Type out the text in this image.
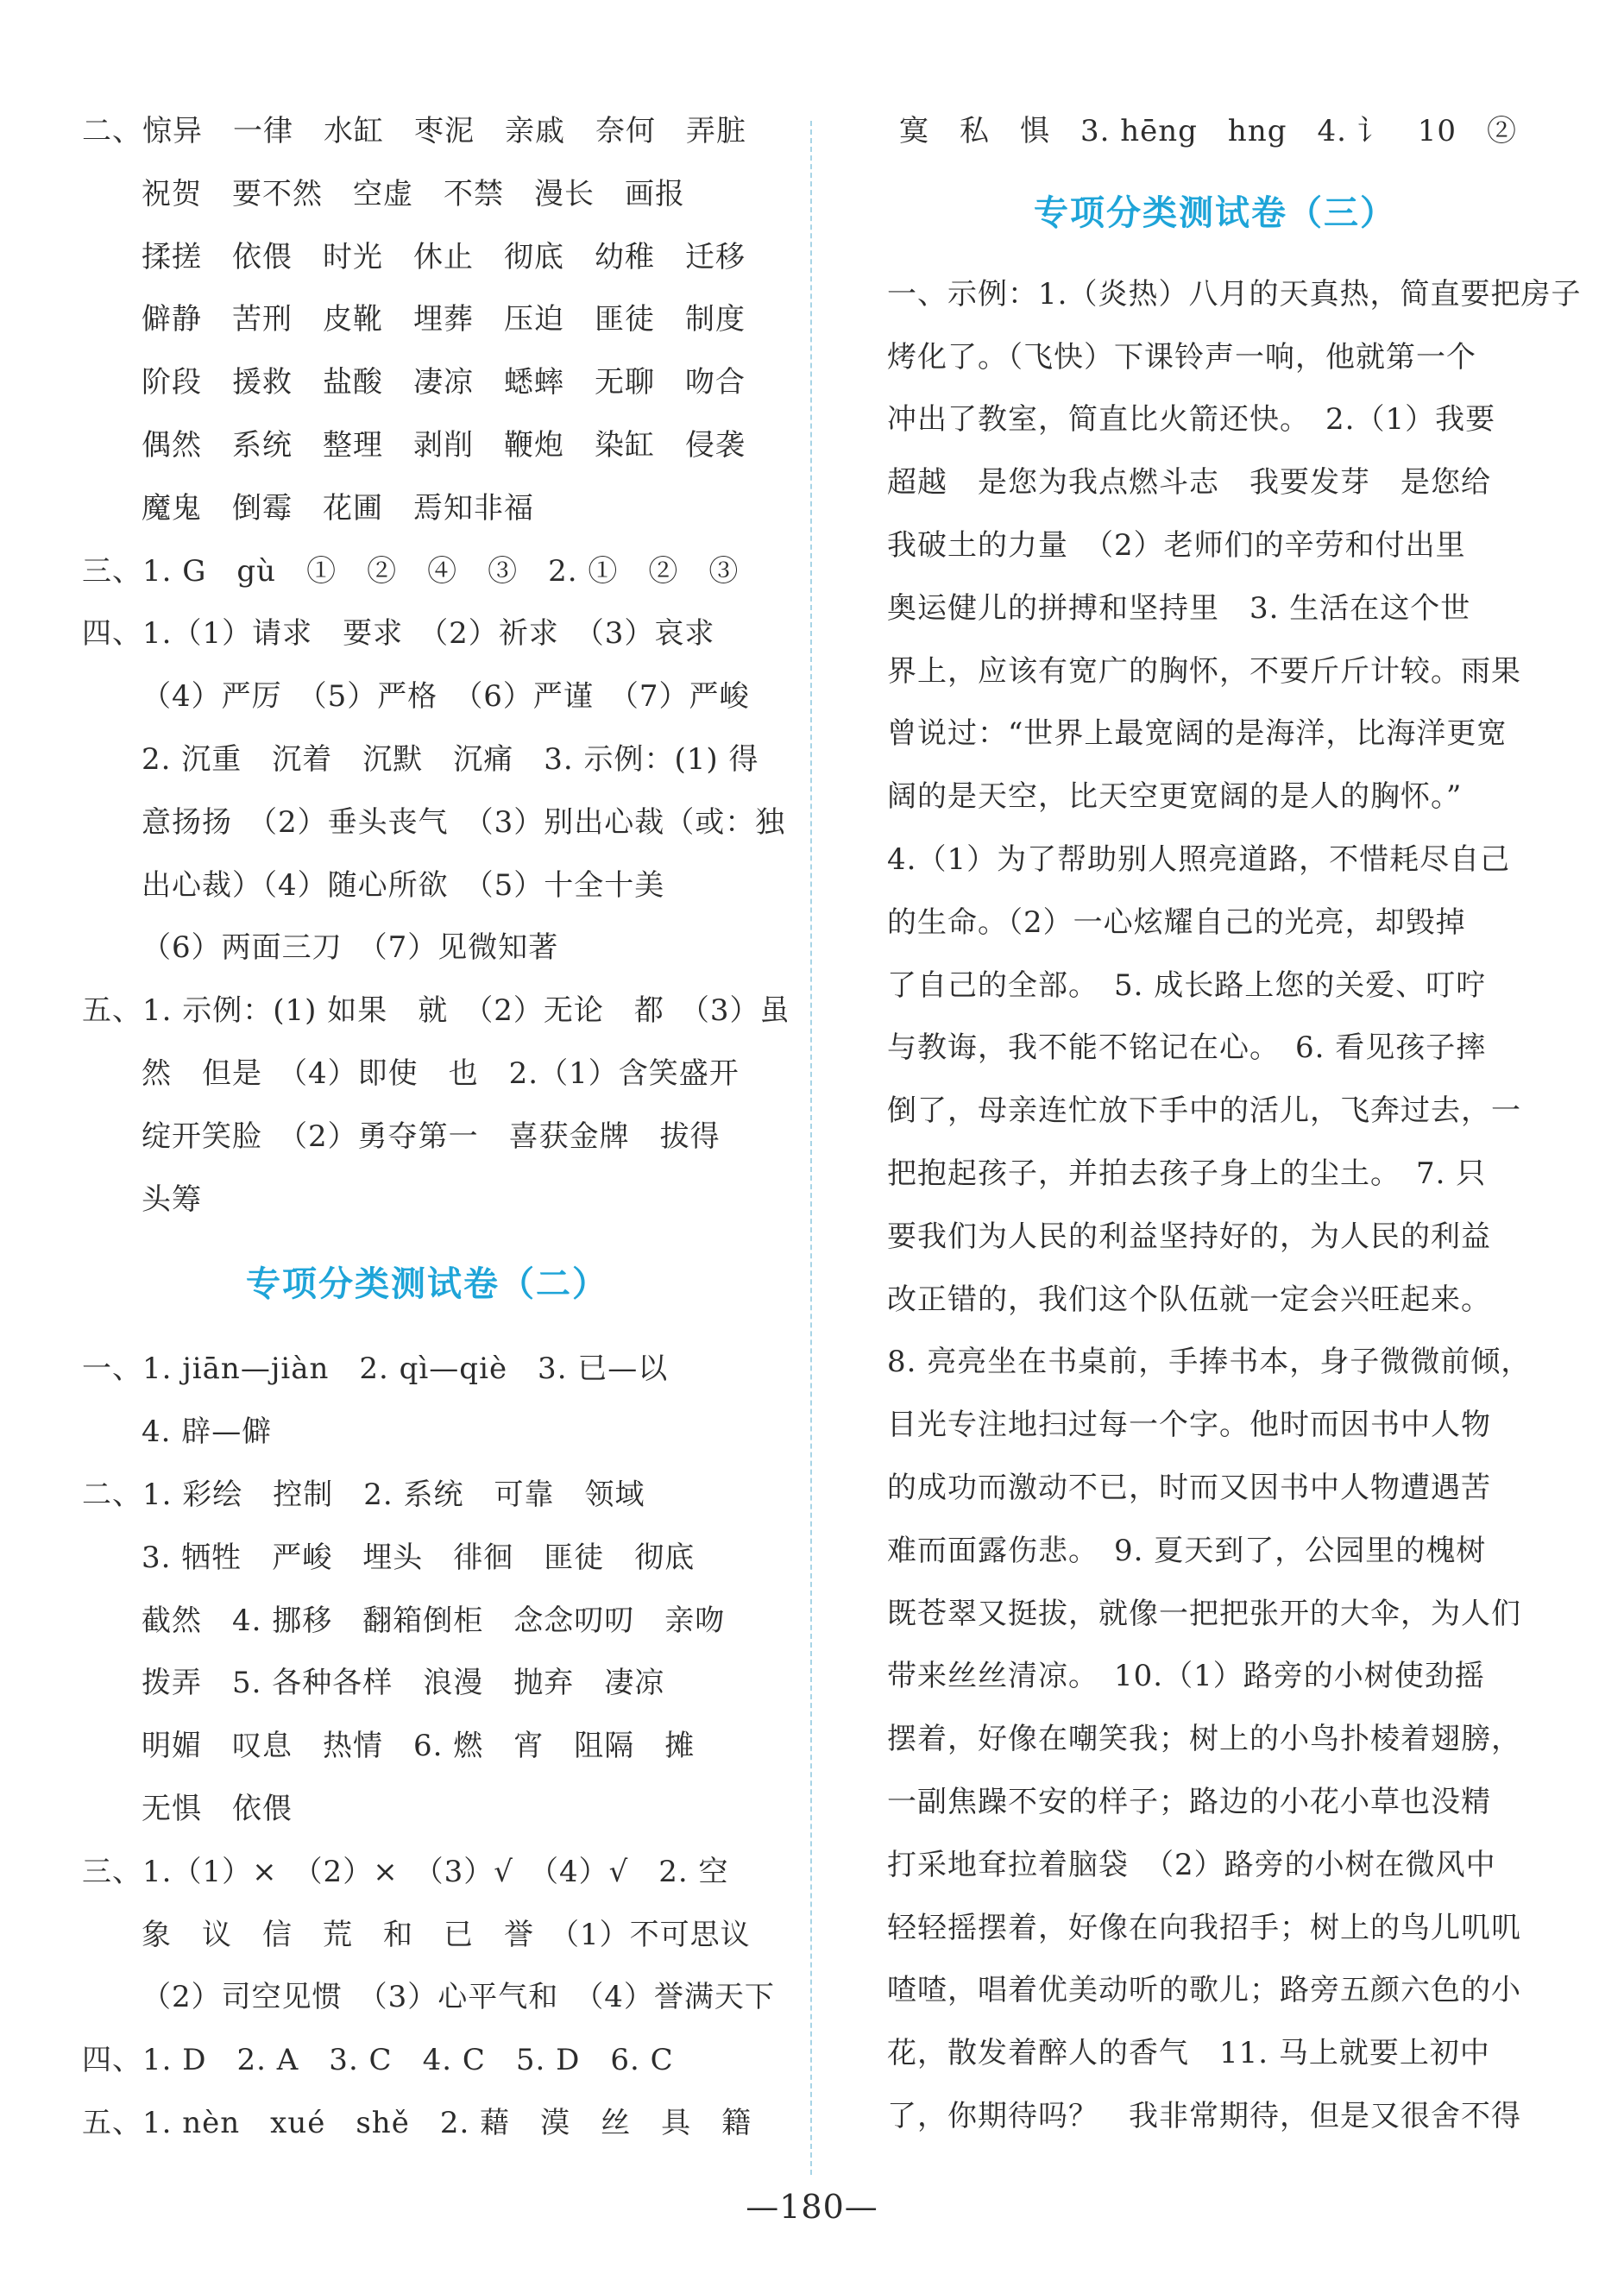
二、惊异　一律　水缸　枣泥　亲戚　奈何　弄脏
祝贺　要不然　空虚　不禁　漫长　画报
揉搓　依偎　时光　休止　彻底　幼稚　迁移
僻静　苦刑　皮靴　埋葬　压迫　匪徒　制度
阶段　援救　盐酸　凄凉　蟋蟀　无聊　吻合
偶然　系统　整理　剥削　鞭炮　染缸　侵袭
魔鬼　倒霉　花圃　焉知非福
三、1. G　gù　①　②　④　③　2. ①　②　③
四、1.（1）请求　要求　（2）祈求　（3）哀求
（4）严厉　（5）严格　（6）严谨　（7）严峻
2. 沉重　沉着　沉默　沉痛　3. 示例：(1) 得
意扬扬　（2）垂头丧气　（3）别出心裁（或：独
出心裁）（4）随心所欲　（5）十全十美
（6）两面三刀　（7）见微知著
五、1. 示例：(1) 如果　就　（2）无论　都　（3）虽
然　但是　（4）即使　也　2.（1）含笑盛开
绽开笑脸　（2）勇夺第一　喜获金牌　拔得
头筹
专项分类测试卷（二）
一、1. jiān—jiàn　2. qì—qiè　3. 已—以
4. 辟—僻
二、1. 彩绘　控制　2. 系统　可靠　领域
3. 牺牲　严峻　埋头　徘徊　匪徒　彻底
截然　4. 挪移　翻箱倒柜　念念叨叨　亲吻
拨弄　5. 各种各样　浪漫　抛弃　凄凉
明媚　叹息　热情　6. 燃　宵　阻隔　摊
无惧　依偎
三、1.（1）×　（2）×　（3）√　（4）√　2. 空
象　议　信　荒　和　已　誉　（1）不可思议
（2）司空见惯　（3）心平气和　（4）誉满天下
四、1. D　2. A　3. C　4. C　5. D　6. C
五、1. nèn　xué　shě　2. 藉　漠　丝　具　籍
寞　私　惧　3. hēng　hng　4. 讠　10　②
专项分类测试卷（三）
一、示例：1.（炎热）八月的天真热，简直要把房子
烤化了。（飞快）下课铃声一响，他就第一个
冲出了教室，简直比火箭还快。　2.（1）我要
超越　是您为我点燃斗志　我要发芽　是您给
我破土的力量　（2）老师们的辛劳和付出里
奥运健儿的拼搏和坚持里　3. 生活在这个世
界上，应该有宽广的胸怀，不要斤斤计较。雨果
曾说过：“世界上最宽阔的是海洋，比海洋更宽
阔的是天空，比天空更宽阔的是人的胸怀。”
4.（1）为了帮助别人照亮道路，不惜耗尽自己
的生命。（2）一心炫耀自己的光亮，却毁掉
了自己的全部。　5. 成长路上您的关爱、叮咛
与教诲，我不能不铭记在心。　6. 看见孩子摔
倒了，母亲连忙放下手中的活儿，飞奔过去，一
把抱起孩子，并拍去孩子身上的尘土。　7. 只
要我们为人民的利益坚持好的，为人民的利益
改正错的，我们这个队伍就一定会兴旺起来。
8. 亮亮坐在书桌前，手捧书本，身子微微前倾，
目光专注地扫过每一个字。他时而因书中人物
的成功而激动不已，时而又因书中人物遭遇苦
难而面露伤悲。　9. 夏天到了，公园里的槐树
既苍翠又挺拔，就像一把把张开的大伞，为人们
带来丝丝清凉。　10.（1）路旁的小树使劲摇
摆着，好像在嘲笑我；树上的小鸟扑棱着翅膀，
一副焦躁不安的样子；路边的小花小草也没精
打采地耷拉着脑袋　（2）路旁的小树在微风中
轻轻摇摆着，好像在向我招手；树上的鸟儿叽叽
喳喳，唱着优美动听的歌儿；路旁五颜六色的小
花，散发着醉人的香气　11. 马上就要上初中
了，你期待吗？　我非常期待，但是又很舍不得
—180—
